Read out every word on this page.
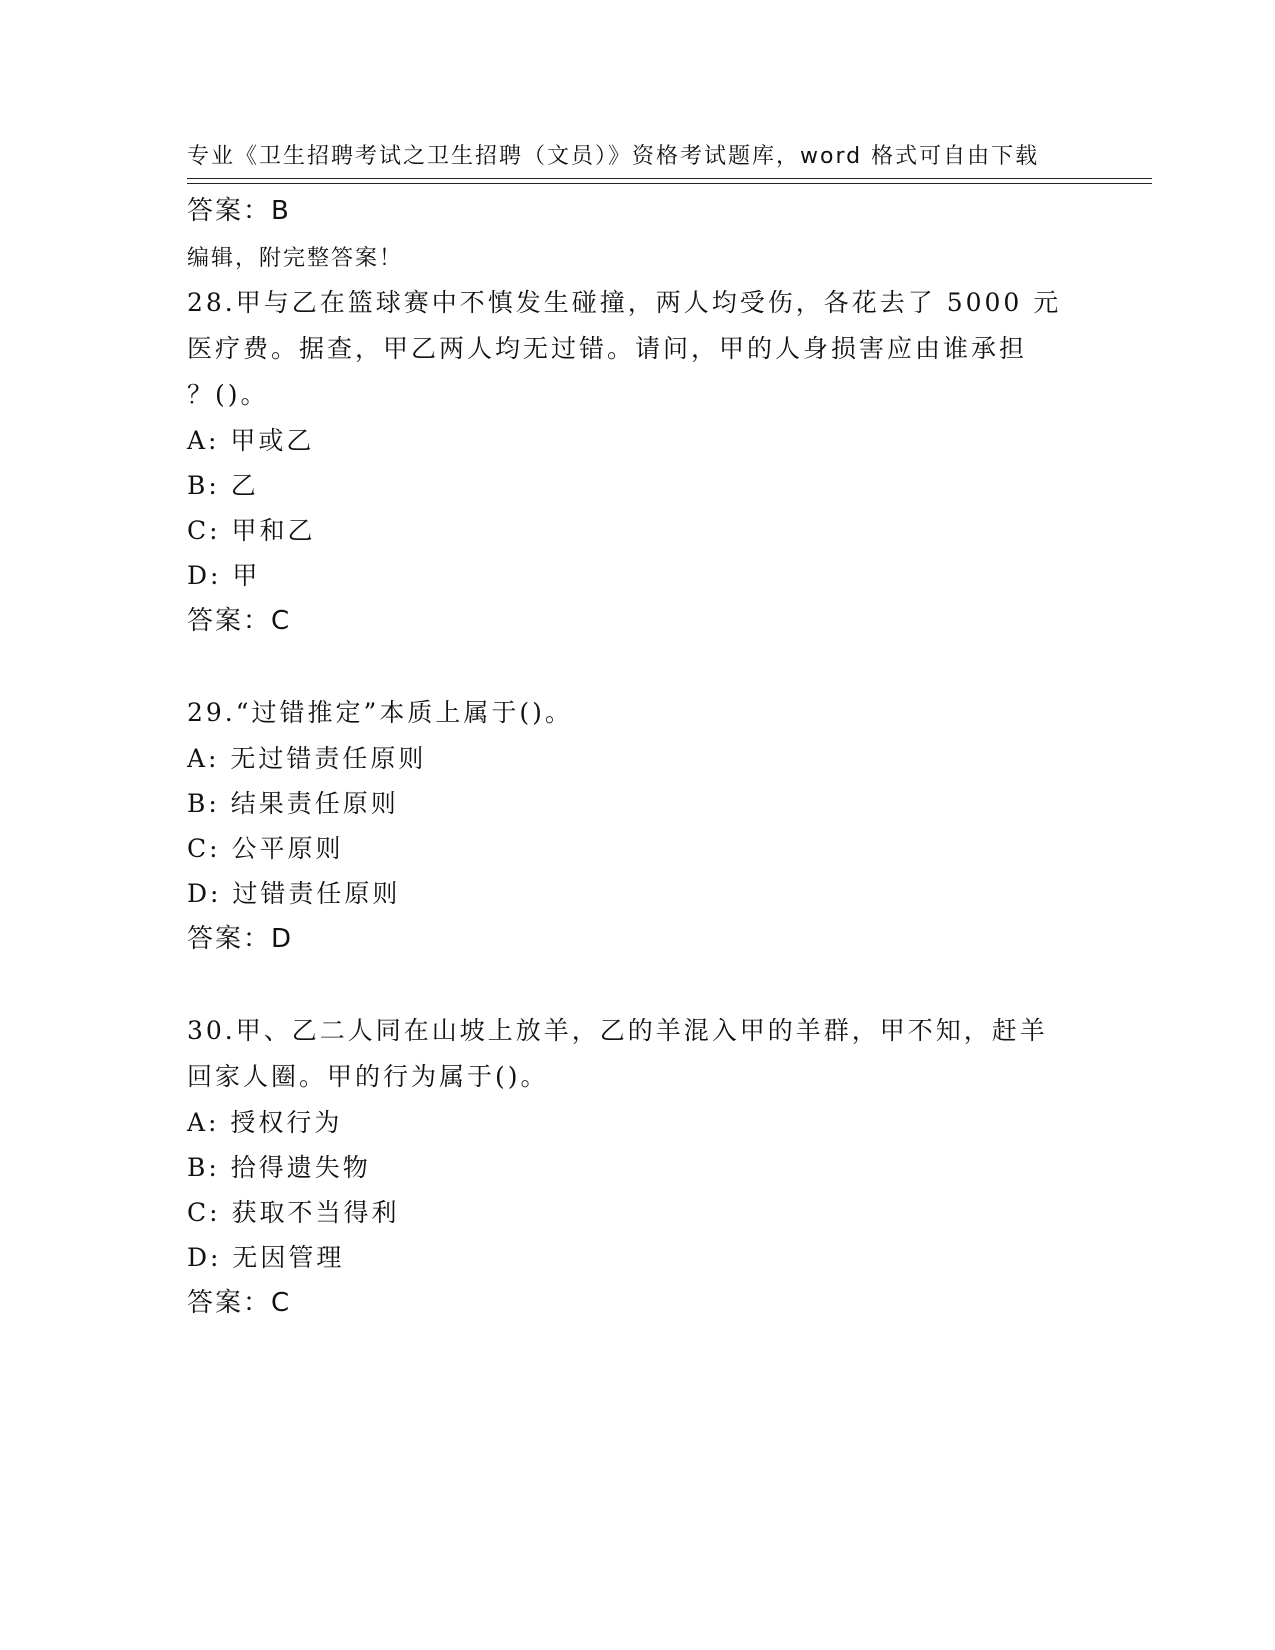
专业《卫生招聘考试之卫生招聘（文员）》资格考试题库，word 格式可自由下载

编辑，附完整答案！

答案：B
28.甲与乙在篮球赛中不慎发生碰撞，两人均受伤，各花去了 5000 元
医疗费。据查，甲乙两人均无过错。请问，甲的人身损害应由谁承担
？()。
A: 甲或乙
B: 乙
C: 甲和乙
D: 甲
答案：C
29.“过错推定”本质上属于()。
A: 无过错责任原则
B: 结果责任原则
C: 公平原则
D: 过错责任原则
答案：D
30.甲、乙二人同在山坡上放羊，乙的羊混入甲的羊群，甲不知，赶羊
回家人圈。甲的行为属于()。
A: 授权行为
B: 拾得遗失物
C: 获取不当得利
D: 无因管理
答案：C
